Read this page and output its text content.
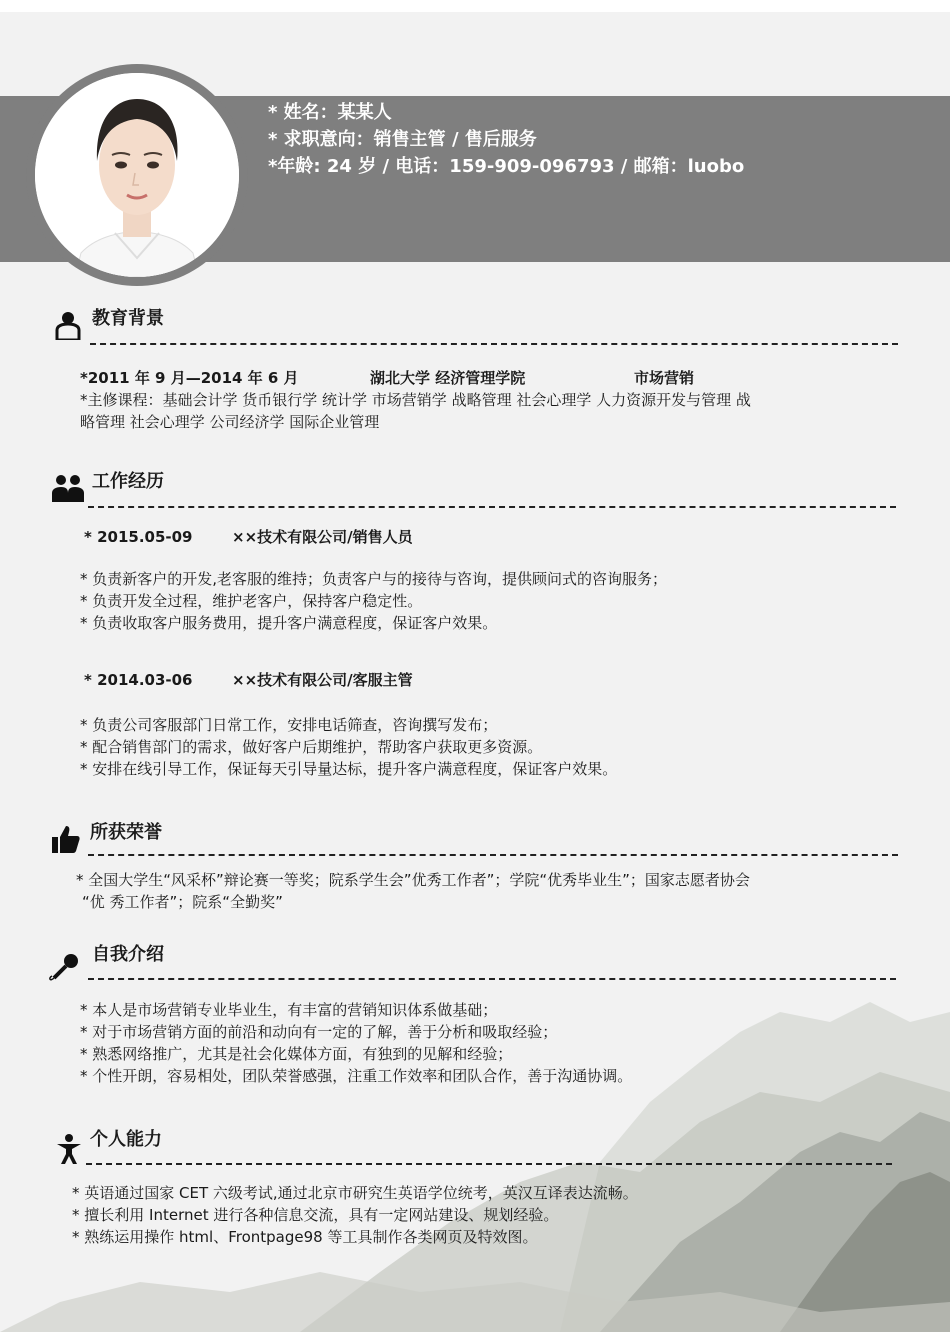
* 姓名：某某人
* 求职意向：销售主管 / 售后服务
*年龄: 24 岁 / 电话：159-909-096793 / 邮箱：luobo
教育背景
*2011 年 9 月—2014 年 6 月	湖北大学 经济管理学院	市场营销
*主修课程：基础会计学 货币银行学 统计学 市场营销学 战略管理 社会心理学 人力资源开发与管理 战
略管理 社会心理学 公司经济学 国际企业管理
工作经历
* 2015.05-09	××技术有限公司/销售人员
* 负责新客户的开发,老客服的维持；负责客户与的接待与咨询，提供顾问式的咨询服务；
* 负责开发全过程，维护老客户，保持客户稳定性。
* 负责收取客户服务费用，提升客户满意程度，保证客户效果。
* 2014.03-06	××技术有限公司/客服主管
* 负责公司客服部门日常工作，安排电话筛查，咨询撰写发布；
* 配合销售部门的需求，做好客户后期维护，帮助客户获取更多资源。
* 安排在线引导工作，保证每天引导量达标，提升客户满意程度，保证客户效果。
所获荣誉
* 全国大学生“风采杯”辩论赛一等奖；院系学生会”优秀工作者”；学院“优秀毕业生”；国家志愿者协会
“优 秀工作者”；院系“全勤奖”
自我介绍
* 本人是市场营销专业毕业生，有丰富的营销知识体系做基础；
* 对于市场营销方面的前沿和动向有一定的了解，善于分析和吸取经验；
* 熟悉网络推广，尤其是社会化媒体方面，有独到的见解和经验；
* 个性开朗，容易相处，团队荣誉感强，注重工作效率和团队合作，善于沟通协调。
个人能力
* 英语通过国家 CET 六级考试,通过北京市研究生英语学位统考，英汉互译表达流畅。
* 擅长利用 Internet 进行各种信息交流，具有一定网站建设、规划经验。
* 熟练运用操作 html、Frontpage98 等工具制作各类网页及特效图。
